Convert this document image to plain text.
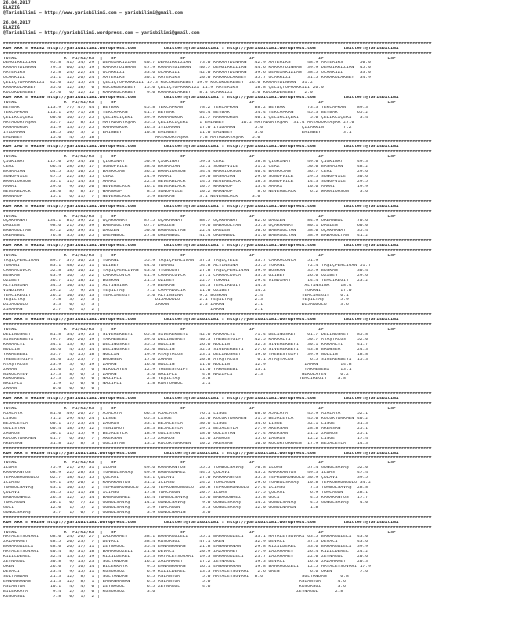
26.04.2017
ELAZIĞ
@Tarisbilimi — http://www.yarisbilimi.com — yarisbilimi@gmail.com
26.04.2017
ELAZIĞ
@Tarisbilimi — http://yarisbilimi.wordpress.com — yarisbilimi@gmail.com
###########################################################################################################################################################
KUM ARA = 99252 http://yarisbilimi.wordpress.com          twitter:@Tarisbilimi : http://yarisbilimi.wordpress.com          twitter:@Tarisbilimi
###########################################################################################################################################################
TOTAL                 K  F1/K2/K3  |   5F                       5F                       2F                       2F                       LSF
DEMGİRKIZIAN     95.8  41/ 54/ 29 | DEMGİRKIZIAN   40.7 DEMGİRKIZIAN   73.0 KARAAYDINHAN   42.9 AATERİKS      48.9 AATERİKS      50.0
KARAAYDINHAN     79.3  66/ 14/ 19 | KARAAYDINHAN   47.9 KARAAYDINHAN   40.7 DEMGİRKIZIAN   44.6 KARAAYDINHAN  39.9 DEMGİRKIZIAN  45.0
AATERİKS         72.8  24/ 22/ 14 | UCARKIZI       33.6 UCARKIZI       42.0 KARAAYDINHAN   39.6 DEMGİRKIZIAN  38.5 UCARKIZI      33.0
UCARKIZI         51.1  12/ 26/ 24 | AATERİKS       30.1 AATERİKS       20.0 KARAKULAKBEY   35.7 UCARKIZI      31.5 KARAKULAKBEY  34.9
ÇELİÇTOPRAKKIZI  42.0  12/ 15/ 24 | ÇELİÇTOPRAKKIZI 17.3 KÜCÜKDEREBEY 19.9 KÜCÜKDEREBEY  26.0 KARAAYDINHAN  31.2
KARAKULAKBEY     35.6  12/ 18/  0 | KÜCÜKDEREBEY   15.0 ÇELİÇTOPRAKKIZI 11.9 AATERİKS      18.8 ÇELİÇTOPRAKKIZI 26.0
KÜCÜKDEREBEY     27.0   6/ 12/ 12 | KARAKULAKBEY    9.0 KARAKULAKBEY   8.1 UCARKIZI       3.0 KÜCÜKDEREBEY   2.0
KUM ARA = 99250 http://yarisbilimi.wordpress.com          twitter:@Tarisbilimi : http://yarisbilimi.wordpress.com          twitter:@Tarisbilimi
TOTAL                 K  F1/K2/K3  |   5F                       5F                       2F                       2F                       LSF
BEYBAK          113.9  77/ 47/ 44 | BEYBAK         45.8 TEKCAPKAN      78.2 TEKCAPKAN      88.2 BEYBAK        73.3 TEKCAPKAN    89.3
TEKCAPKAN       113.1  29/ 71/ 28 | TEKCAPKAN      41.7 BEYBAK         64.4 BEYBAK         54.4 TEKCAPKAN     45.3 BEYBAK       65.2
ÇELİKCIÇEKİ      60.0  16/ 17/ 25 | ÇELİKCIÇEKİ    39.9 RAHAMUKUR      31.7 RAHAMUKUR      40.1 ÇELİKCIÇEKİ    5.0 ÇELİKCIÇEKİ   3.4
MATADORYAŞAR     35.7  12/  8/ 15 | MATADORYAŞAR   35.5 ÇELİKCIÇEKİ    1 EMINBEY      16.2 MATADORYAŞAR  31.4 MATADORYAŞAR 27.0
RAHAMUKUR        31.9  13/ 17/ 25 | RAHAMUKUR      16.3 İTİDAMAN       17.0 İTİDAMAN       5.0              ÇIZARKIN       7.2
İTİDAMAN         18.5  10/  3/  2 | EMINBEY        10.8 EMINBEY        11.0 EMINBEY        3.0              EMINBEY        3.1
EMINBEY          15.0   4/  5/ 18 |                    MATADORYAŞAR    7.8 MATADORYAŞAR   5.0
###########################################################################################################################################################
KUM ZMO = 99259 http://yarisbilimi.wordpress.com          twitter:@Tarisbilimi : http://yarisbilimi.wordpress.com          twitter:@Tarisbilimi
###########################################################################################################################################################
TOTAL                 K  F1/K2/K3  |   5F                       5F                       2F                       2F                       LSF
ÇİĞKİNAT        117.0  29/ 54/ 16 | ÇİĞKİNAT       50.9 ÇİĞKİNAT       59.3 CERZ           58.8 ÇİĞKİNAT      49.0 ÇİĞKİNAT     49.3
CERZ             66.4  28/ 28/ 17 | SUNOFVILE      38.6 BASRAJAN       52.1 SUNOFVILE      51.2 CERZ          50.0 BASRAJAN     48.2
BASRAJAN         64.5  33/ 10/ 25 | BASRAJAN       36.2 WARRIORSON     34.4 WARRIORSON     40.4 BASRAJAN      36.7 CERZ         29.6
SUNOFVILE        47.5  22/ 18/ 15 | CERZ           24.9 AMARI          29.0 BASRAJAN       29.0 SUNOFVILE     29.5 SUNOFVILE    30.6
WARRIORSON       33.1  11/ 14/ 33 | AMARI          22.3 NEVERBLACK     14.5 NEVERBLACK     18.3 SUNOFVILE     14.3 SUNOFVILE    29.5
AMARI            29.6   9/ 16/ 20 | NEVERBLACK     16.1 NEVERBLACK     10.7 WARNAUP        13.4 AMARI         10.6 AMARI        19.9
NEVERBLACK       28.0   8/  8/ 17 | WARNAUP         8.5 SUNOFVILE      10.2 WARNAUP         8.6 NEVERBLACK     6.2 WARRIORSON    3.6
WARNAUP          15.1   6/ 11/  7 | NEVERBLACK      5.9 BERKAN         3.1 NEVERBLACK     3.0
###########################################################################################################################################################
KUM ARA = 99250 http://yarisbilimi.wordpress.com          twitter:@Tarisbilimi : http://yarisbilimi.wordpress.com          twitter:@Tarisbilimi
###########################################################################################################################################################
TOTAL                 K  F1/K2/K3  |   5F                       5F                       2F                       2F                       LSF
UÇAKHANAT       134.1  81/ 39/ 22 | UÇAKHANAT      87.5 UÇAKHANAT      88.7 UÇAKHANAT      82.6 DAĞZEN        84.9 ÜREMNBOL     70.6
DAĞZEN           98.6  21/ 56/ 39 | BABAGÜLTAN     67.7 DAĞZEN         79.6 BABAGÜLTAN     55.3 UÇAKHANAT     80.1 DAĞZEN       60.0
BABAGÜLTAN       87.2  28/ 39/ 31 | DAĞZEN         50.0 BABAGÜLTAN     22.4 DAĞZEN         50.6 BABAGÜLTAN    38.0 UÇAKHANAT    35.4
ÜREMNBOL         76.8  35/ 18/ 25 | ÜREMNBOL       27.8 ÜREMNBOL       41.4 ÜREMNBOL       31.0 BABAGÜLTAN    38.9 BABAGÜLTAN   41.2
###########################################################################################################################################################
KUM ARA = 99252 http://yarisbilimi.wordpress.com          twitter:@Tarisbilimi : http://yarisbilimi.wordpress.com          twitter:@Tarisbilimi
###########################################################################################################################################################
TOTAL                 K  F1/K2/K3  |   5F                       5F                       2F                       2F                       LSF
TAŞİÇPEHLİVAN    89.7  37/ 36/ 23 | TURANI         55.9 TAŞİÇPEHLİVAN  37.3 TAŞİÇYELE      33.7 CARRACOVCA    51.9
TURANI           83.1  48/ 22/ 11 | OZIBEY         44.6 TURANI         54.8 ALTINSINA      55.5 TURANI        72.4 TAŞİÇPEHLİVAN 51.7
CARRACOVCA       52.8  18/ 16/ 12 | TAŞİÇPEHLİVAN  43.6 YTUNUUST       27.8 TAŞİÇPEHLİVAN  39.9 BUSKAN        35.9 BUSKAN       30.4
BUSKAN           43.9  16/  5/ 22 | CARRACOVCA     41.9 CARRACOVCA     27.1 CARRACOVCA     33.3 OZIBEY        26.6 OZIBEY       29.6
OZIBEY           36.7  11/ 18/ 12 | BUSKAN         21.5 OZIBEY         22.7 TURANI         29.4 VİNDIHAT      14.4 TEMCIREĞİT   23.2
ALTINSINA        34.5  10/ 14/ 11 | ALTINSINA       7.9 BERKAN         14.3 TEMCIREĞİT     14.3              ALTINSINA    18.4
VİNDIHAT         29.2   5/  9/ 24 | YEŞİLTAŞ        7.2 CAPPADOCIA     11.0 OZIBEY         14.2              TURANI       17.0
TEMCIREĞİT       26.2  10/ 16/ 13 | TEMCIREĞİT      5.0 ALTINSINA      9.2 BUSKAN          2.4              TEMCIREĞİT    6.1
YEŞİLTAŞ          7.8   3/  2/  3 |                    DIJAODOLU       2.1 YEŞİLTAŞ        2.3              YEŞİLTAŞ      5.9
DIJAODOLU         3.3   0/  1/  3 |                    ZARAN           2.3 ZARAN           2.1              DIJAODOLU     3.6
ZIRAHAN           2.7   0/  1/  2 |                                        ZARAN           2.1
###########################################################################################################################################################
KUM ARA = 99259 http://yarisbilimi.wordpress.com          twitter:@Tarisbilimi : http://yarisbilimi.wordpress.com          twitter:@Tarisbilimi
###########################################################################################################################################################
TOTAL                 K  F1/K2/K3  |   5F                       5F                       2F                       2F                       LSF
DELİNUSRET       81.8  34/ 19/ 23 | SİVEREKBEYİ    65.8 SİVEREKBEYİ    42.6 KARAALTI       71.4 DELİNUSRET    61.7 DELİNUSRET   85.8
SİVEREKBEYİ      79.7  30/ 26/ 19 | YAKMEBEBI      39.6 DELİNUSRET     40.3 THEBESTGIFT    42.5 KARAALTI      50.7 ATAŞTACUS    52.0
KARAALTI         34.1  13/  8/ 14 | DELİNUSRET     35.5 NOLLIN         26.6 NOLLIN         32.3 SİVEREKBEYİ   30.1 KARAALTI     41.7
NOLLIN           36.6   4/ 13/ 14 | DELİNUSRET     32.0 NOLLIN         32.3 SİVEREKBEYİ    27.6 SİVEREKBEYİ   43.8 BROWSER      24.3
YAKMEBEBI        35.7   4/ 15/ 18 | NOLLIN         19.9 ATAŞTACUS      23.1 DELİNUSRET     19.0 THEBESTGIFT   39.9 NOLLIN       18.8
THEBESTGIFT      34.0  15/ 23/  7 | BROWSER        17.0 ZAMAN          20.8 ATAŞTACUS       6.1 ATAŞTACUS      6.5 SİVEREKBEYİ  15.3
ATAŞTACUS        23.9   3/  6/ 19 | ZAMAN          16.0 NOLLIN         11.6 NOLLIN         12.9              ZAMAN        14.8
ZAMAN            21.0   1/  3/  6 | NİKOLAYEV      12.9 THEBESTGIFT    11.0 YAKMEBEBI      13.1              YAKMEBEBI    13.1
NİKOLAYEV        17.3   8/  6/  5 | ZAMAN           3.6 NAZİFLİ         4.8 NAZİFLİ        2.3              NİKOLAYEV     6.2
KUKURBOL         17.3   3/  4/  0 | NAZİFLİ         2.8 YEŞİLTAŞ        3.8                                TEMCIREĞİT    3.8
NAZİFLİ           1.9   1/  0/  0 | NAZİFLİ         1.8 KURTUMBOL       2.1
ZAMAN             0.0   0/  0/  0 |
###########################################################################################################################################################
KUM ARA = 99259 http://yarisbilimi.wordpress.com          twitter:@Tarisbilimi : http://yarisbilimi.wordpress.com          twitter:@Tarisbilimi
###########################################################################################################################################################
TOTAL                 K  F1/K2/K3  |   5F                       5F                       2F                       2F                       LSF
AJALAYA          81.0  49/ 26/ 27 | AJALAYA        66.3 AJALAYA        76.1 LİSGE          68.0 AJALAYA       45.9 AJALAYA      52.1
LİSGE            71.2  29/ 44/ 24 | LİSGE          65.3 LİSGE          52.0 KÜCÜKTÜRKMEN   51.5 BEJALEYLA     45.0 KÜCÜKTÜRKMEN 40.2
BEJALEYLA        60.1  17/ 23/ 24 | ZAGROS         33.1 BEJALEYLA      30.6 LİSGE          34.6 LİSGE         32.1 LİSGE        31.3
GÜLİSTAN         60.4  18/ 19/ 12 | YENIUMUT       28.3 BEJALEYLA      29.1 BEJALEYLA      27.9 AKERSAN       28.8 AKERSAN      25.1
ZAGROS           50.1  11/ 15/  9 | BEJALEYLA      18.9 GÜLİSTAN       18.0 GÜLİSTAN       27.4 AKERSAN       21.2 ZAGROS       25.1
KÜCÜKTÜRKMEN     41.7   6/ 36/  7 | AKERSAN        17.5 ZAGROS         12.6 ZAGROS         15.6 ZAGROS        12.2 LİSGE        17.4
AKERSAN          31.8  12/  8/  3 | GÜLİSTAN       13.2 KÜCÜKTÜRKMEN   10.2 AKERSAN        10.0 KÜCÜKTÜRKMEN  17.9 BEJALEYLA    14.3
###########################################################################################################################################################
KUM ARA = 99259 http://yarisbilimi.wordpress.com          twitter:@Tarisbilimi : http://yarisbilimi.wordpress.com          twitter:@Tarisbilimi
###########################################################################################################################################################
TOTAL                 K  F1/K2/K3  |   5F                       5F                       2F                       2F                       LSF
İLUMS            75.9  21/ 29/ 31 | İLUMS          49.6 KARAKANTOS     55.5 TUMBULSAVAŞ    70.8 İLUMS         57.4 GÖNÜLSAVAŞ   52.0
KARAKANTOS       68.9  22/ 28/ 33 | TUMBULSAVAŞ    49.9 BABAGÖNMEZ     44.5 ÇOLAVI         43.2 KARAKANTOS    49.3 İLUMS        47.4
TEPKOBRONGÜLÜ    62.7  18/ 42/ 15 | ÇOLAVI         43.1 ÇOLAVI         27.0 KARAKANTOS     35.3 TEPKOBRONGÜLÜ 30.9 ÇOLAVI       39.5
İCİMSU           49.1  19/ 20/  2 | KARAKANTOS     31.2 İCİMSU         24.2 TUMCAĞON       29.6 TUMBULSAVAŞ   10.8 TEPKOBRONGÜLÜ 34.2
TUMBULSAVAŞ      43.1  10/ 13/  2 | TEPKOBRONGÜLÜ  22.6 TEPKOBRONGÜLÜ  20.8 TEPKOBRONGÜLÜ  27.4 İCİMSU         7.3 TUMBULSAVAŞ  28.8
ÇOLAVI           34.5  11/ 11/ 10 | İCİMSU         17.8 TUMCAĞON       20.7 İLUMS          17.5 ÇOLAVI         6.9 TUMCAĞON     28.1
BABAGÖNMEZ       26.3  12/  2/ 14 | BABAGÖNMEZ     16.4 TUMBULSAVAŞ    15.6 BABAGÖNMEZ     15.8 GÜCİ           4.5 KARAKANTOS   17.7
TUMCAĞON         20.1   0/  7/ 12 | GÖNÜLSAVAŞ     14.2 GÖNÜLSAVAŞ      9.0 GÖNÜLSAVAŞ     14.2 GÖNÜLSAVAŞ     4.5 GÖNÜLSAVAŞ    4.0
GÜCİ             12.0   1/  5/  2 | GÖNÜLSAVAŞ      5.9 TUMCAĞON        3.3 GÖNÜLSAVAŞ     12.0 GÖNÜLNAMIN     1.8
GÖNÜLSAVAŞ        3.7   1/  0/  7 | GÖNÜLSAVAŞ      3.9 GÖNÜLNAMIN      3.0
###########################################################################################################################################################
KUM ARA = 99259 http://yarisbilimi.wordpress.com          twitter:@Tarisbilimi : http://yarisbilimi.wordpress.com          twitter:@Tarisbilimi
###########################################################################################################################################################
TOTAL                 K  F1/K2/K3  |   5F                       5F                       2F                       2F                       LSF
HAYALETSÜVARİ    68.0  24/ 26/ 27 | ZAZAHAMET      38.1 BAHARGÜZELİ    55.1 BAHARGÜZELİ    33.1 HAYALETSÜVARİ 63.5 BAHARGÜZELİ  43.0
ZAZAHAMET        48.5  20/ 23/  7 | DEVACİ         38.4 KUSURSUZ       47.1 OREN           32.9 DEVACİ        37.3 DEVACİ       43.6
BAHARGÜZELİ      48.0  26/ 17/ 11 | ZEYNAGÜL       35.4 EMNANHANAN     21.8 EMNANHANAN     29.8 KIZILDEREL    33.6 BAHARGÜZELİ  39.9
HAYALETSÜVARİ    40.4   8/ 31/ 18 | BAHARGÜZELİ    21.0 DEVACİ         20.9 ZAZAHAMET      27.9 ZAZAHAMET     26.4 KIZILDEREL   24.2
KIZILDEREL       32.4  13/ 15/ 19 | KIZILDEREL     25.3 HAYALETSÜVARİ  19.3 BAHARGÜZELİ    23.7 ZAZAHAMET     22.0 ZEYNAGÜL     20.6
ZEYNAGÜL         30.8   9/ 13/ 23 | SULTANDAN      16.2 ZAZAHAMET      17.2 ZEYNAGÜL       19.3 DEVACİ        16.6 ZAZAHAMET    20.3
OREN             26.0   7/ 16/ 14 | BİLEKKAYA       9.5 EMNANHAHAN     16.1 EMNANHAHAN     19.8 BAHARGÜZELİ   12.5 HAYALETSÜVARİ 17.9
DEVACİ           23.4   9/ 15/ 11 | KUSURSUZ        6.9 KIZILDEREL     13.3 HAYALETSÜVARİ   2.6 OREN           6.6 OREN          7.6
SULTANDAN        21.3  12/  8/  1 | SULTANDAN       6.5 ASIANTUR        5.0 HAYALETSÜVARİ  8.6              SULTANDAN     6.8
EMNANHANAN       21.3  12/  8/  1 | EMNANHANAN      6.5 ASIANTUR        5.0                                ASIANTUR      4.6
ASIANTUR         10.1   4/  4/  0 | ZEYNAGÜL        6.5 ZEYNAGÜL        4.6                                KUSURSUZ      3.6
BİLEKKAYA         9.4   2/  3/  0 | KUSURSUZ        3.6                                                   ZEYNAGÜL      2.8
KUSURSUZ          7.8   0/  1/  2 |
